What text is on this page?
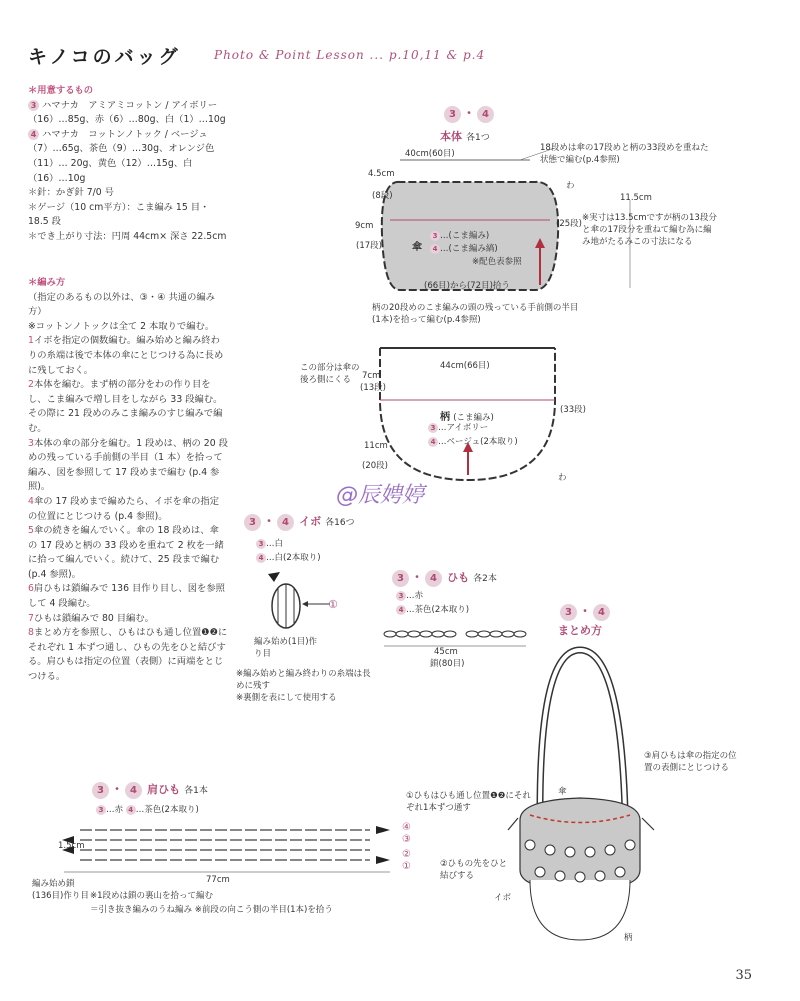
キノコのバッグ	Photo & Point Lesson ... p.10,11 & p.4

＊用意するもの

3 ハマナカ　アミアミコットン / アイボリー（16）…85g、赤（6）…80g、白（1）…10g

4 ハマナカ　コットンノトック / ベージュ（7）…65g、茶色（9）…30g、オレンジ色（11）… 20g、黄色（12）…15g、白（16）…10g

＊針：かぎ針 7/0 号

＊ゲージ（10 cm平方）：こま編み 15 目・18.5 段

＊でき上がり寸法：円周 44cm× 深さ 22.5cm

＊編み方

（指定のあるもの以外は、③・④ 共通の編み方）

※コットンノトックは全て 2 本取りで編む。

1イボを指定の個数編む。編み始めと編み終わりの糸端は後で本体の傘にとじつける為に長めに残しておく。

2本体を編む。まず柄の部分をわの作り目をし、こま編みで増し目をしながら 33 段編む。その際に 21 段めのみこま編みのすじ編みで編む。

3本体の傘の部分を編む。1 段めは、柄の 20 段めの残っている手前側の半目（1 本）を拾って編み、図を参照して 17 段めまで編む (p.4 参照)。

4傘の 17 段めまで編めたら、イボを傘の指定の位置にとじつける (p.4 参照)。

5傘の続きを編んでいく。傘の 18 段めは、傘の 17 段めと柄の 33 段めを重ねて 2 枚を一緒に拾って編んでいく。続けて、25 段まで編む (p.4 参照)。

6肩ひもは鎖編みで 136 目作り目し、図を参照して 4 段編む。

7ひもは鎖編みで 80 目編む。

8まとめ方を参照し、ひもはひも通し位置❶❷にそれぞれ 1 本ずつ通し、ひもの先をひと結びする。肩ひもは指定の位置（表側）に両端をとじつける。

3 ・ 4
本体 各1つ
40cm(60目)
18段めは傘の17段めと柄の33段めを重ねた状態で編む(p.4参照)
4.5cm
(8段)
9cm
(17段)
(25段)
わ
11.5cm
※実寸は13.5cmですが柄の13段分と傘の17段分を重ねて編む為に編み地がたるみこの寸法になる
傘
3 …(こま編み)
4 …(こま編み縞)
※配色表参照
(66目)から(72目)拾う
柄の20段めのこま編みの頭の残っている手前側の半目(1本)を拾って編む(p.4参照)
44cm(66目)
この部分は傘の後ろ側にくる	7cm
(13段)
11cm
(20段)
(33段)
わ
柄 (こま編み)
3 …アイボリー
4 …ベージュ(2本取り)
@辰娉婷
3 ・ 4 イボ 各16つ
3 …白
4 …白(2本取り)
①
編み始め(1目)作り目
※編み始めと編み終わりの糸端は長めに残す
※裏側を表にして使用する
3 ・ 4 ひも 各2本
3 …赤
4 …茶色(2本取り)
45cm
鎖(80目)
3 ・ 4
まとめ方
③肩ひもは傘の指定の位置の表側にとじつける
①ひもはひも通し位置❶❷にそれぞれ1本ずつ通す
②ひもの先をひと結びする
傘
イボ
柄
3 ・ 4 肩ひも 各1本
3 …赤 4 …茶色(2本取り)
④
③
②
①
1.5cm
77cm
編み始め鎖(136目)作り目 ※1段めは鎖の裏山を拾って編む
＝引き抜き編みのうね編み ※前段の向こう側の半目(1本)を拾う
35
